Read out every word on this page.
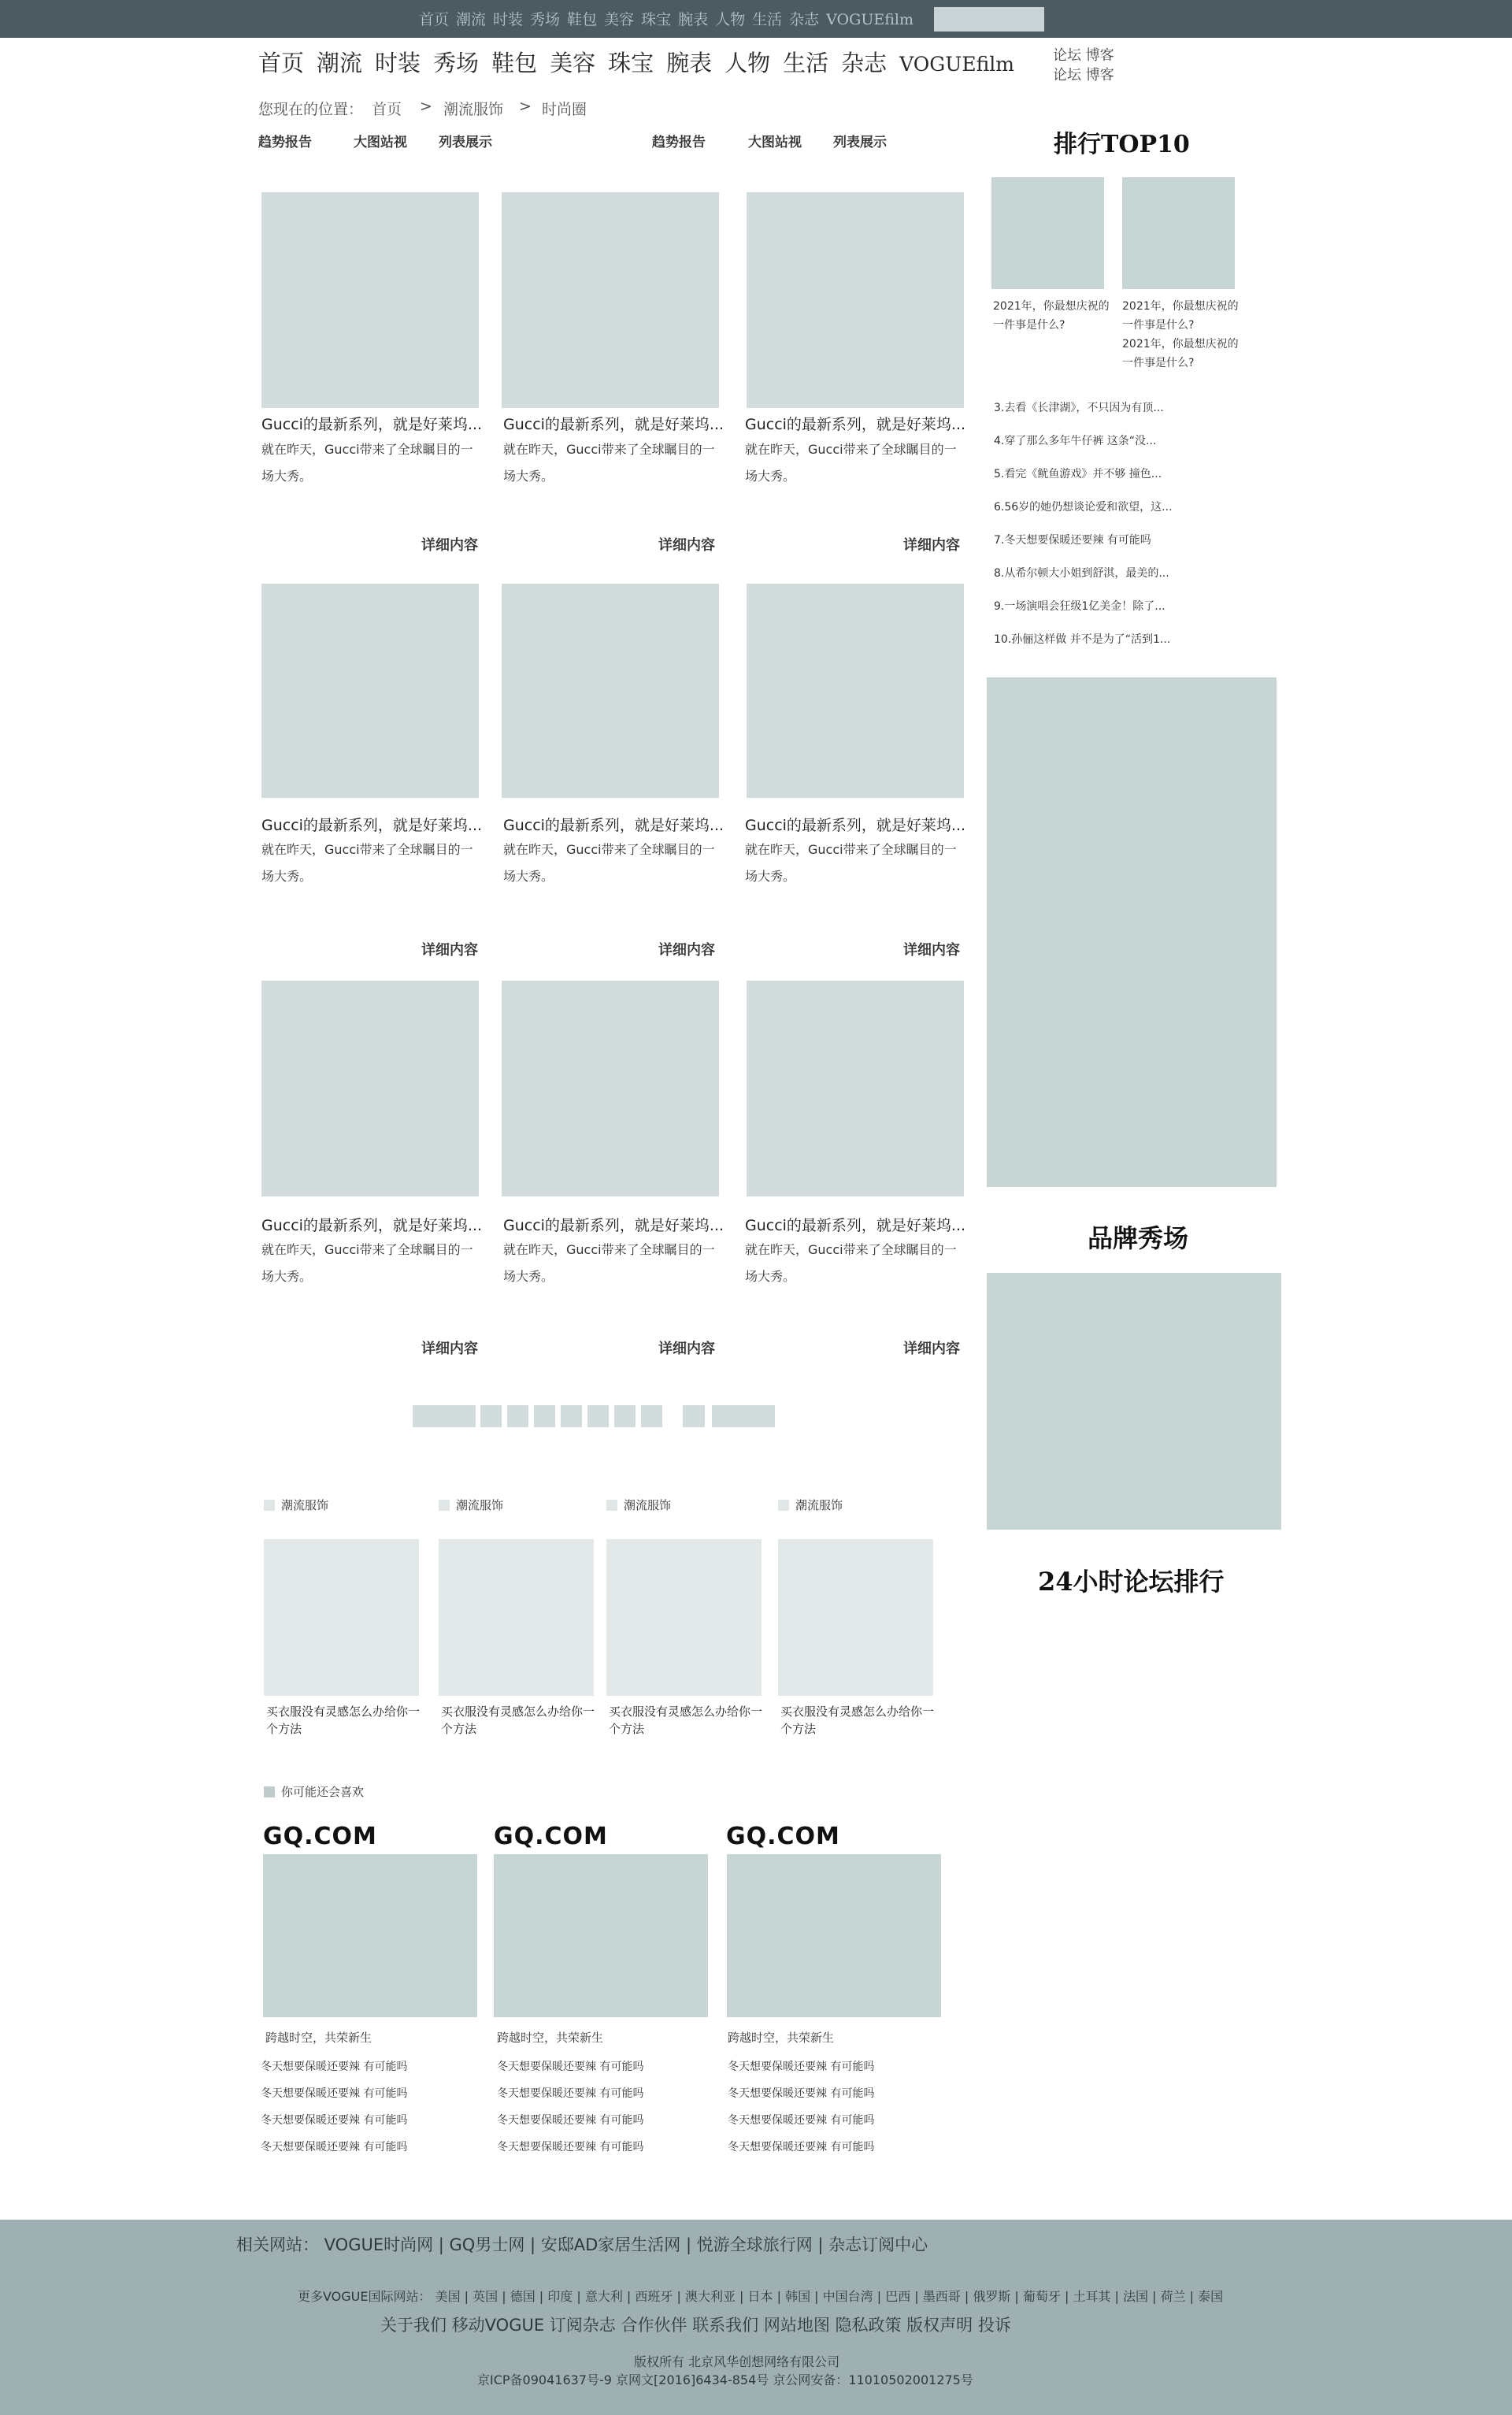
首页 潮流 时装 秀场 鞋包 美容 珠宝 腕表 人物 生活 杂志 VOGUEfilm
首页 潮流 时装 秀场 鞋包 美容 珠宝 腕表 人物 生活 杂志 VOGUEfilm	论坛 博客
论坛 博客
您现在的位置： 首页 > 潮流服饰 > 时尚圈
趋势报告	大图站视 列表展示	趋势报告	大图站视 列表展示
Gucci的最新系列，就是好莱坞...
就在昨天，Gucci带来了全球瞩目的一场大秀。
详细内容
Gucci的最新系列，就是好莱坞...
就在昨天，Gucci带来了全球瞩目的一场大秀。
详细内容
Gucci的最新系列，就是好莱坞...
就在昨天，Gucci带来了全球瞩目的一场大秀。
详细内容
Gucci的最新系列，就是好莱坞...
就在昨天，Gucci带来了全球瞩目的一场大秀。
详细内容
Gucci的最新系列，就是好莱坞...
就在昨天，Gucci带来了全球瞩目的一场大秀。
详细内容
Gucci的最新系列，就是好莱坞...
就在昨天，Gucci带来了全球瞩目的一场大秀。
详细内容
Gucci的最新系列，就是好莱坞...
就在昨天，Gucci带来了全球瞩目的一场大秀。
详细内容
Gucci的最新系列，就是好莱坞...
就在昨天，Gucci带来了全球瞩目的一场大秀。
详细内容
Gucci的最新系列，就是好莱坞...
就在昨天，Gucci带来了全球瞩目的一场大秀。
详细内容
潮流服饰	潮流服饰	潮流服饰	潮流服饰
买衣服没有灵感怎么办给你一个方法
买衣服没有灵感怎么办给你一个方法
买衣服没有灵感怎么办给你一个方法
买衣服没有灵感怎么办给你一个方法
你可能还会喜欢
GQ.COM	GQ.COM	GQ.COM
跨越时空，共荣新生	跨越时空，共荣新生	跨越时空，共荣新生
冬天想要保暖还要辣 有可能吗
冬天想要保暖还要辣 有可能吗
冬天想要保暖还要辣 有可能吗
冬天想要保暖还要辣 有可能吗
冬天想要保暖还要辣 有可能吗
冬天想要保暖还要辣 有可能吗
冬天想要保暖还要辣 有可能吗
冬天想要保暖还要辣 有可能吗
冬天想要保暖还要辣 有可能吗
冬天想要保暖还要辣 有可能吗
冬天想要保暖还要辣 有可能吗
冬天想要保暖还要辣 有可能吗
排行TOP10
2021年，你最想庆祝的一件事是什么?
2021年，你最想庆祝的一件事是什么?
2021年，你最想庆祝的一件事是什么?
3.去看《长津湖》，不只因为有顶...
4.穿了那么多年牛仔裤 这条“没...
5.看完《鱿鱼游戏》并不够 撞色...
6.56岁的她仍想谈论爱和欲望，这...
7.冬天想要保暖还要辣 有可能吗
8.从希尔顿大小姐到舒淇，最美的...
9.一场演唱会狂级1亿美金！除了...
10.孙俪这样做 并不是为了“活到1...
品牌秀场
24小时论坛排行
相关网站： VOGUE时尚网 | GQ男士网 | 安邸AD家居生活网 | 悦游全球旅行网 | 杂志订阅中心
更多VOGUE国际网站： 美国 | 英国 | 德国 | 印度 | 意大利 | 西班牙 | 澳大利亚 | 日本 | 韩国 | 中国台湾 | 巴西 | 墨西哥 | 俄罗斯 | 葡萄牙 | 土耳其 | 法国 | 荷兰 | 泰国
关于我们 移动VOGUE 订阅杂志 合作伙伴 联系我们 网站地图 隐私政策 版权声明 投诉
版权所有 北京风华创想网络有限公司
京ICP备09041637号-9 京网文[2016]6434-854号 京公网安备：11010502001275号
